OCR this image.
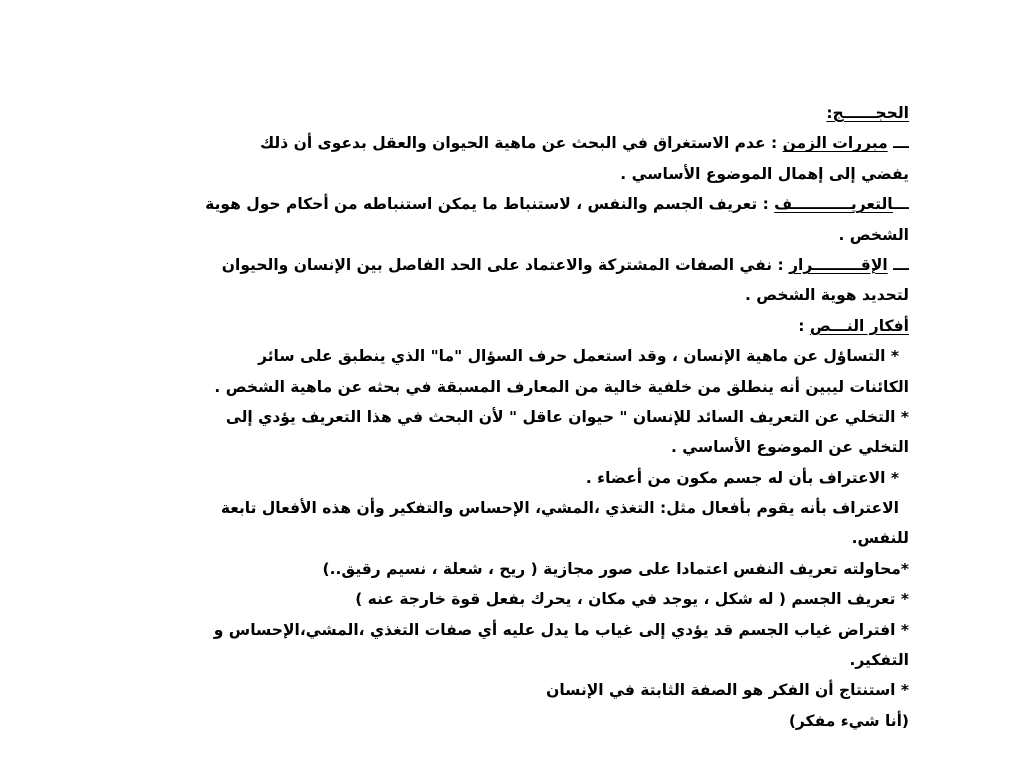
الحجــــــج:
ـــ مبررات الزمن : عدم الاستغراق في البحث عن ماهية الحيوان والعقل بدعوى أن ذلك
يفضي إلى إهمال الموضوع الأساسي .
ـــالتعريـــــــــــف : تعريف الجسم والنفس ، لاستنباط ما يمكن استنباطه من أحكام حول هوية
الشخص .
ـــ الإقـــــــــرار : نفي الصفات المشتركة والاعتماد على الحد الفاصل بين الإنسان والحيوان
لتحديد هوية الشخص .
أفكار النـــص :
* التساؤل عن ماهية الإنسان ، وقد استعمل حرف السؤال "ما" الذي ينطبق على سائر
الكائنات ليبين أنه ينطلق من خلفية خالية من المعارف المسبقة في بحثه عن ماهية الشخص .
* التخلي عن التعريف السائد للإنسان " حيوان عاقل " لأن البحث في هذا التعريف يؤدي إلى
التخلي عن الموضوع الأساسي .
* الاعتراف بأن له جسم مكون من أعضاء .
الاعتراف بأنه يقوم بأفعال مثل: التغذي ،المشي، الإحساس والتفكير وأن هذه الأفعال تابعة
للنفس.
*محاولته تعريف النفس اعتمادا على صور مجازية ( ريح ، شعلة ، نسيم رقيق..)
* تعريف الجسم ( له شكل ، يوجد في مكان ، يحرك بفعل قوة خارجة عنه )
* افتراض غياب الجسم قد يؤدي إلى غياب ما يدل عليه أي صفات التغذي ،المشي،الإحساس و
التفكير.
* استنتاج أن الفكر هو الصفة الثابتة في الإنسان
(أنا شيء مفكر)
